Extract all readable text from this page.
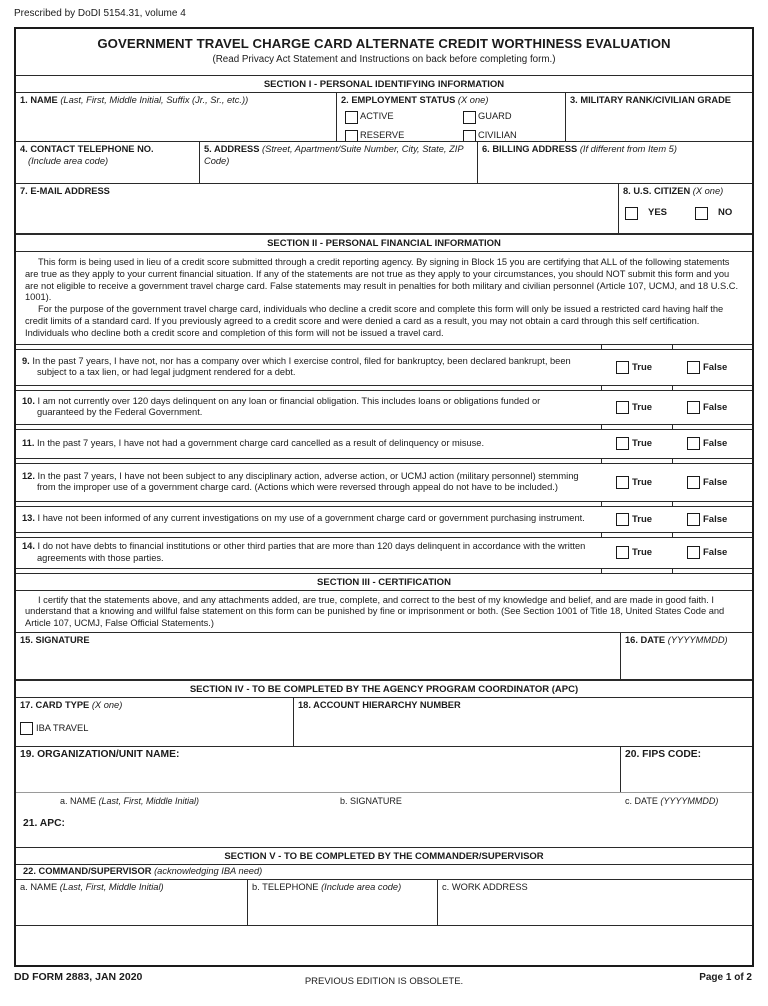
Prescribed by DoDI 5154.31, volume 4
GOVERNMENT TRAVEL CHARGE CARD ALTERNATE CREDIT WORTHINESS EVALUATION
(Read Privacy Act Statement and Instructions on back before completing form.)
SECTION I - PERSONAL IDENTIFYING INFORMATION
1. NAME (Last, First, Middle Initial, Suffix (Jr., Sr., etc.))	2. EMPLOYMENT STATUS (X one)
ACTIVE	GUARD
RESERVE	CIVILIAN
3. MILITARY RANK/CIVILIAN GRADE
4. CONTACT TELEPHONE NO.
(Include area code)
5. ADDRESS (Street, Apartment/Suite Number, City, State, ZIP Code)
6. BILLING ADDRESS (If different from Item 5)
7. E-MAIL ADDRESS	8. U.S. CITIZEN (X one)
YES	NO
SECTION II - PERSONAL FINANCIAL INFORMATION

This form is being used in lieu of a credit score submitted through a credit reporting agency. By signing in Block 15 you are certifying that ALL of the following statements are true as they apply to your current financial situation. If any of the statements are not true as they apply to your circumstances, you should NOT submit this form and you are not eligible to receive a government travel charge card. False statements may result in penalties for both military and civilian personnel (Article 107, UCMJ, and 18 U.S.C. 1001).

For the purpose of the government travel charge card, individuals who decline a credit score and complete this form will only be issued a restricted card having half the credit limits of a standard card. If you previously agreed to a credit score and were denied a card as a result, you may not obtain a card through this self certification. Individuals who decline both a credit score and completion of this form will not be issued a travel card.

9. In the past 7 years, I have not, nor has a company over which I exercise control, filed for bankruptcy, been declared bankrupt, been subject to a tax lien, or had legal judgment rendered for a debt.	True	False
10. I am not currently over 120 days delinquent on any loan or financial obligation. This includes loans or obligations funded or guaranteed by the Federal Government.	True	False
11. In the past 7 years, I have not had a government charge card cancelled as a result of delinquency or misuse.	True	False
12. In the past 7 years, I have not been subject to any disciplinary action, adverse action, or UCMJ action (military personnel) stemming from the improper use of a government charge card. (Actions which were reversed through appeal do not have to be included.)	True	False
13. I have not been informed of any current investigations on my use of a government charge card or government purchasing instrument.	True	False
14. I do not have debts to financial institutions or other third parties that are more than 120 days delinquent in accordance with the written agreements with those parties.	True	False
SECTION III - CERTIFICATION

I certify that the statements above, and any attachments added, are true, complete, and correct to the best of my knowledge and belief, and are made in good faith. I understand that a knowing and willful false statement on this form can be punished by fine or imprisonment or both. (See Section 1001 of Title 18, United States Code and Article 107, UCMJ, False Official Statements.)

15. SIGNATURE	16. DATE (YYYYMMDD)
SECTION IV - TO BE COMPLETED BY THE AGENCY PROGRAM COORDINATOR (APC)
17. CARD TYPE (X one)
IBA TRAVEL
18. ACCOUNT HIERARCHY NUMBER
19. ORGANIZATION/UNIT NAME:	20. FIPS CODE:
a. NAME (Last, First, Middle Initial)	b. SIGNATURE	c. DATE (YYYYMMDD)
21. APC:
SECTION V - TO BE COMPLETED BY THE COMMANDER/SUPERVISOR
22. COMMAND/SUPERVISOR (acknowledging IBA need)
a. NAME (Last, First, Middle Initial)	b. TELEPHONE (Include area code)	c. WORK ADDRESS
DD FORM 2883, JAN 2020	PREVIOUS EDITION IS OBSOLETE.	Page 1 of 2
